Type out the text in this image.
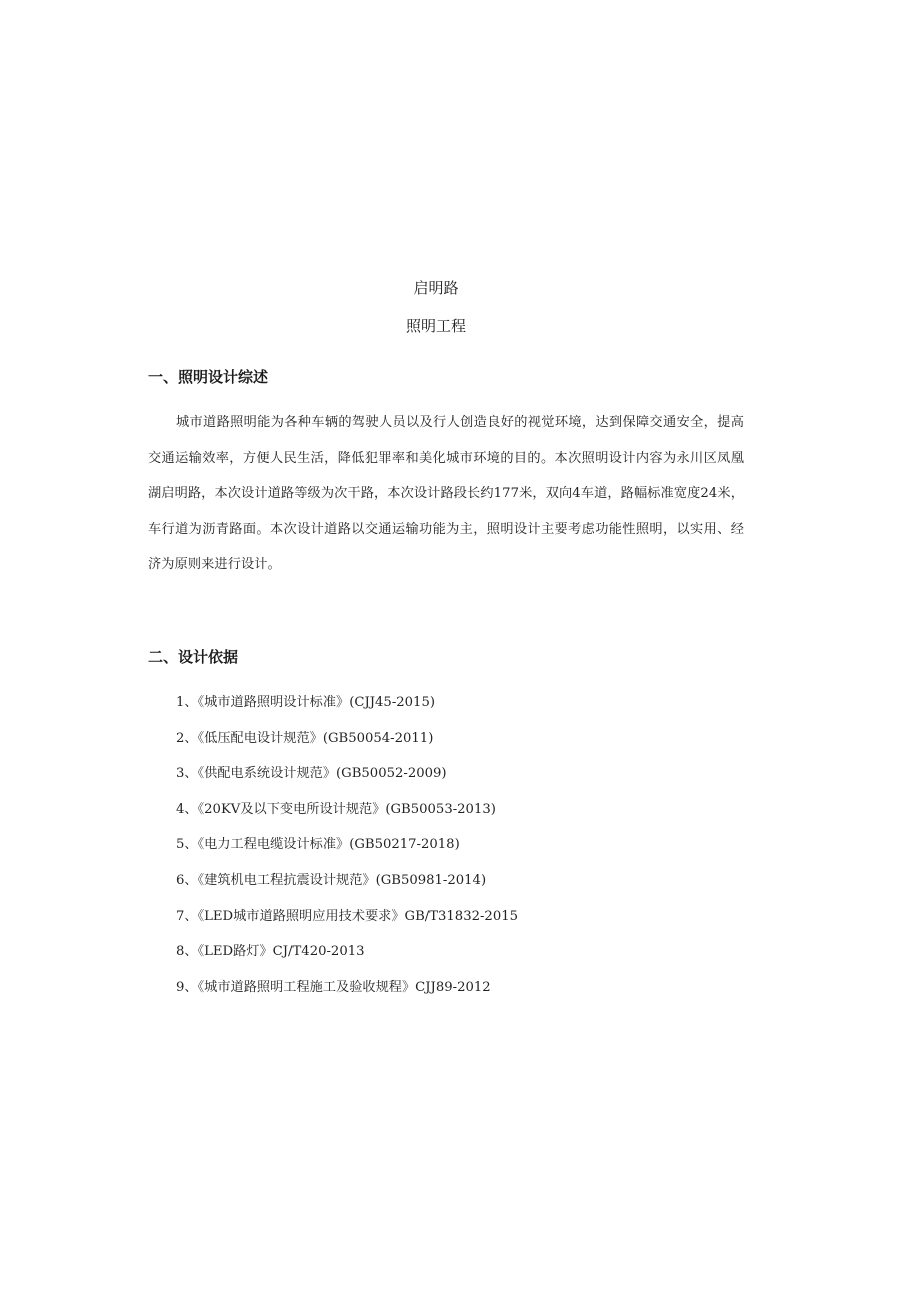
启明路
照明工程
一、照明设计综述
城市道路照明能为各种车辆的驾驶人员以及行人创造良好的视觉环境，达到保障交通安全，提高交通运输效率，方便人民生活，降低犯罪率和美化城市环境的目的。本次照明设计内容为永川区凤凰湖启明路，本次设计道路等级为次干路，本次设计路段长约177米，双向4车道，路幅标准宽度24米，车行道为沥青路面。本次设计道路以交通运输功能为主，照明设计主要考虑功能性照明，以实用、经济为原则来进行设计。
二、设计依据
1、《城市道路照明设计标准》(CJJ45-2015)
2、《低压配电设计规范》(GB50054-2011)
3、《供配电系统设计规范》(GB50052-2009)
4、《20KV及以下变电所设计规范》(GB50053-2013)
5、《电力工程电缆设计标准》(GB50217-2018)
6、《建筑机电工程抗震设计规范》(GB50981-2014)
7、《LED城市道路照明应用技术要求》GB/T31832-2015
8、《LED路灯》CJ/T420-2013
9、《城市道路照明工程施工及验收规程》CJJ89-2012
